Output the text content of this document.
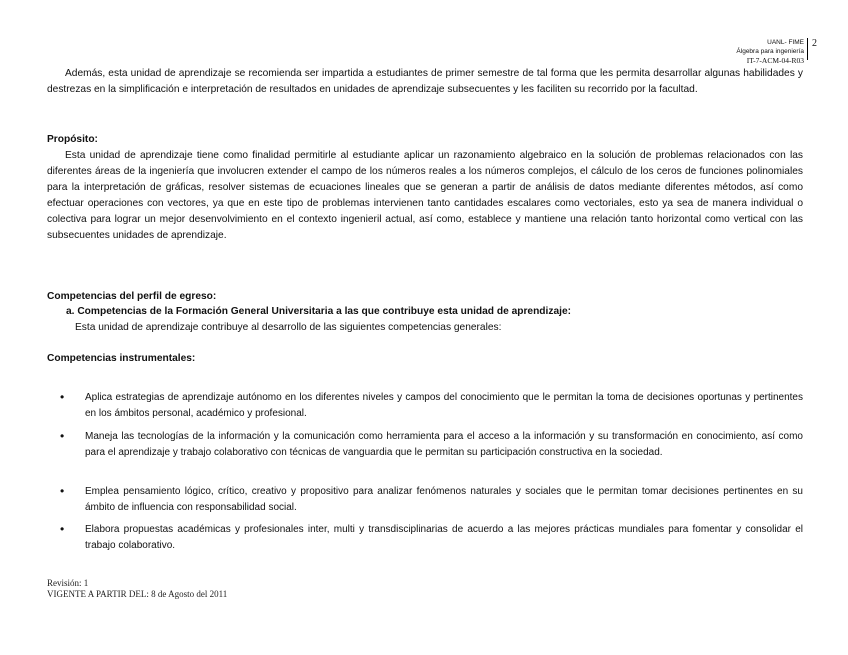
UANL- FIME
Álgebra para ingeniería
IT-7-ACM-04-R03
2

Además, esta unidad de aprendizaje se recomienda ser impartida a estudiantes de primer semestre de tal forma que les permita desarrollar algunas habilidades y destrezas en la simplificación e interpretación de resultados en unidades de aprendizaje subsecuentes y les faciliten su recorrido por la facultad.

Propósito:

Esta unidad de aprendizaje tiene como finalidad permitirle al estudiante aplicar un razonamiento algebraico en la solución de problemas relacionados con las diferentes áreas de la ingeniería que involucren extender el campo de los números reales a los números complejos, el cálculo de los ceros de funciones polinomiales para la interpretación de gráficas, resolver sistemas de ecuaciones lineales que se generan a partir de análisis de datos mediante diferentes métodos, así como efectuar operaciones con vectores, ya que en este tipo de problemas intervienen tanto cantidades escalares como vectoriales, esto ya sea de manera individual o colectiva para lograr un mejor desenvolvimiento en el contexto ingenieril actual, así como, establece y mantiene una relación tanto horizontal como vertical con las subsecuentes unidades de aprendizaje.

Competencias del perfil de egreso:
a. Competencias de la Formación General Universitaria a las que contribuye esta unidad de aprendizaje:
Esta unidad de aprendizaje contribuye al desarrollo de las siguientes competencias generales:
Competencias instrumentales:
• Aplica estrategias de aprendizaje autónomo en los diferentes niveles y campos del conocimiento que le permitan la toma de decisiones oportunas y pertinentes en los ámbitos personal, académico y profesional.
• Maneja las tecnologías de la información y la comunicación como herramienta para el acceso a la información y su transformación en conocimiento, así como para el aprendizaje y trabajo colaborativo con técnicas de vanguardia que le permitan su participación constructiva en la sociedad.
• Emplea pensamiento lógico, crítico, creativo y propositivo para analizar fenómenos naturales y sociales que le permitan tomar decisiones pertinentes en su ámbito de influencia con responsabilidad social.
• Elabora propuestas académicas y profesionales inter, multi y transdisciplinarias de acuerdo a las mejores prácticas mundiales para fomentar y consolidar el trabajo colaborativo.
Revisión: 1
VIGENTE A PARTIR DEL: 8 de Agosto del 2011
